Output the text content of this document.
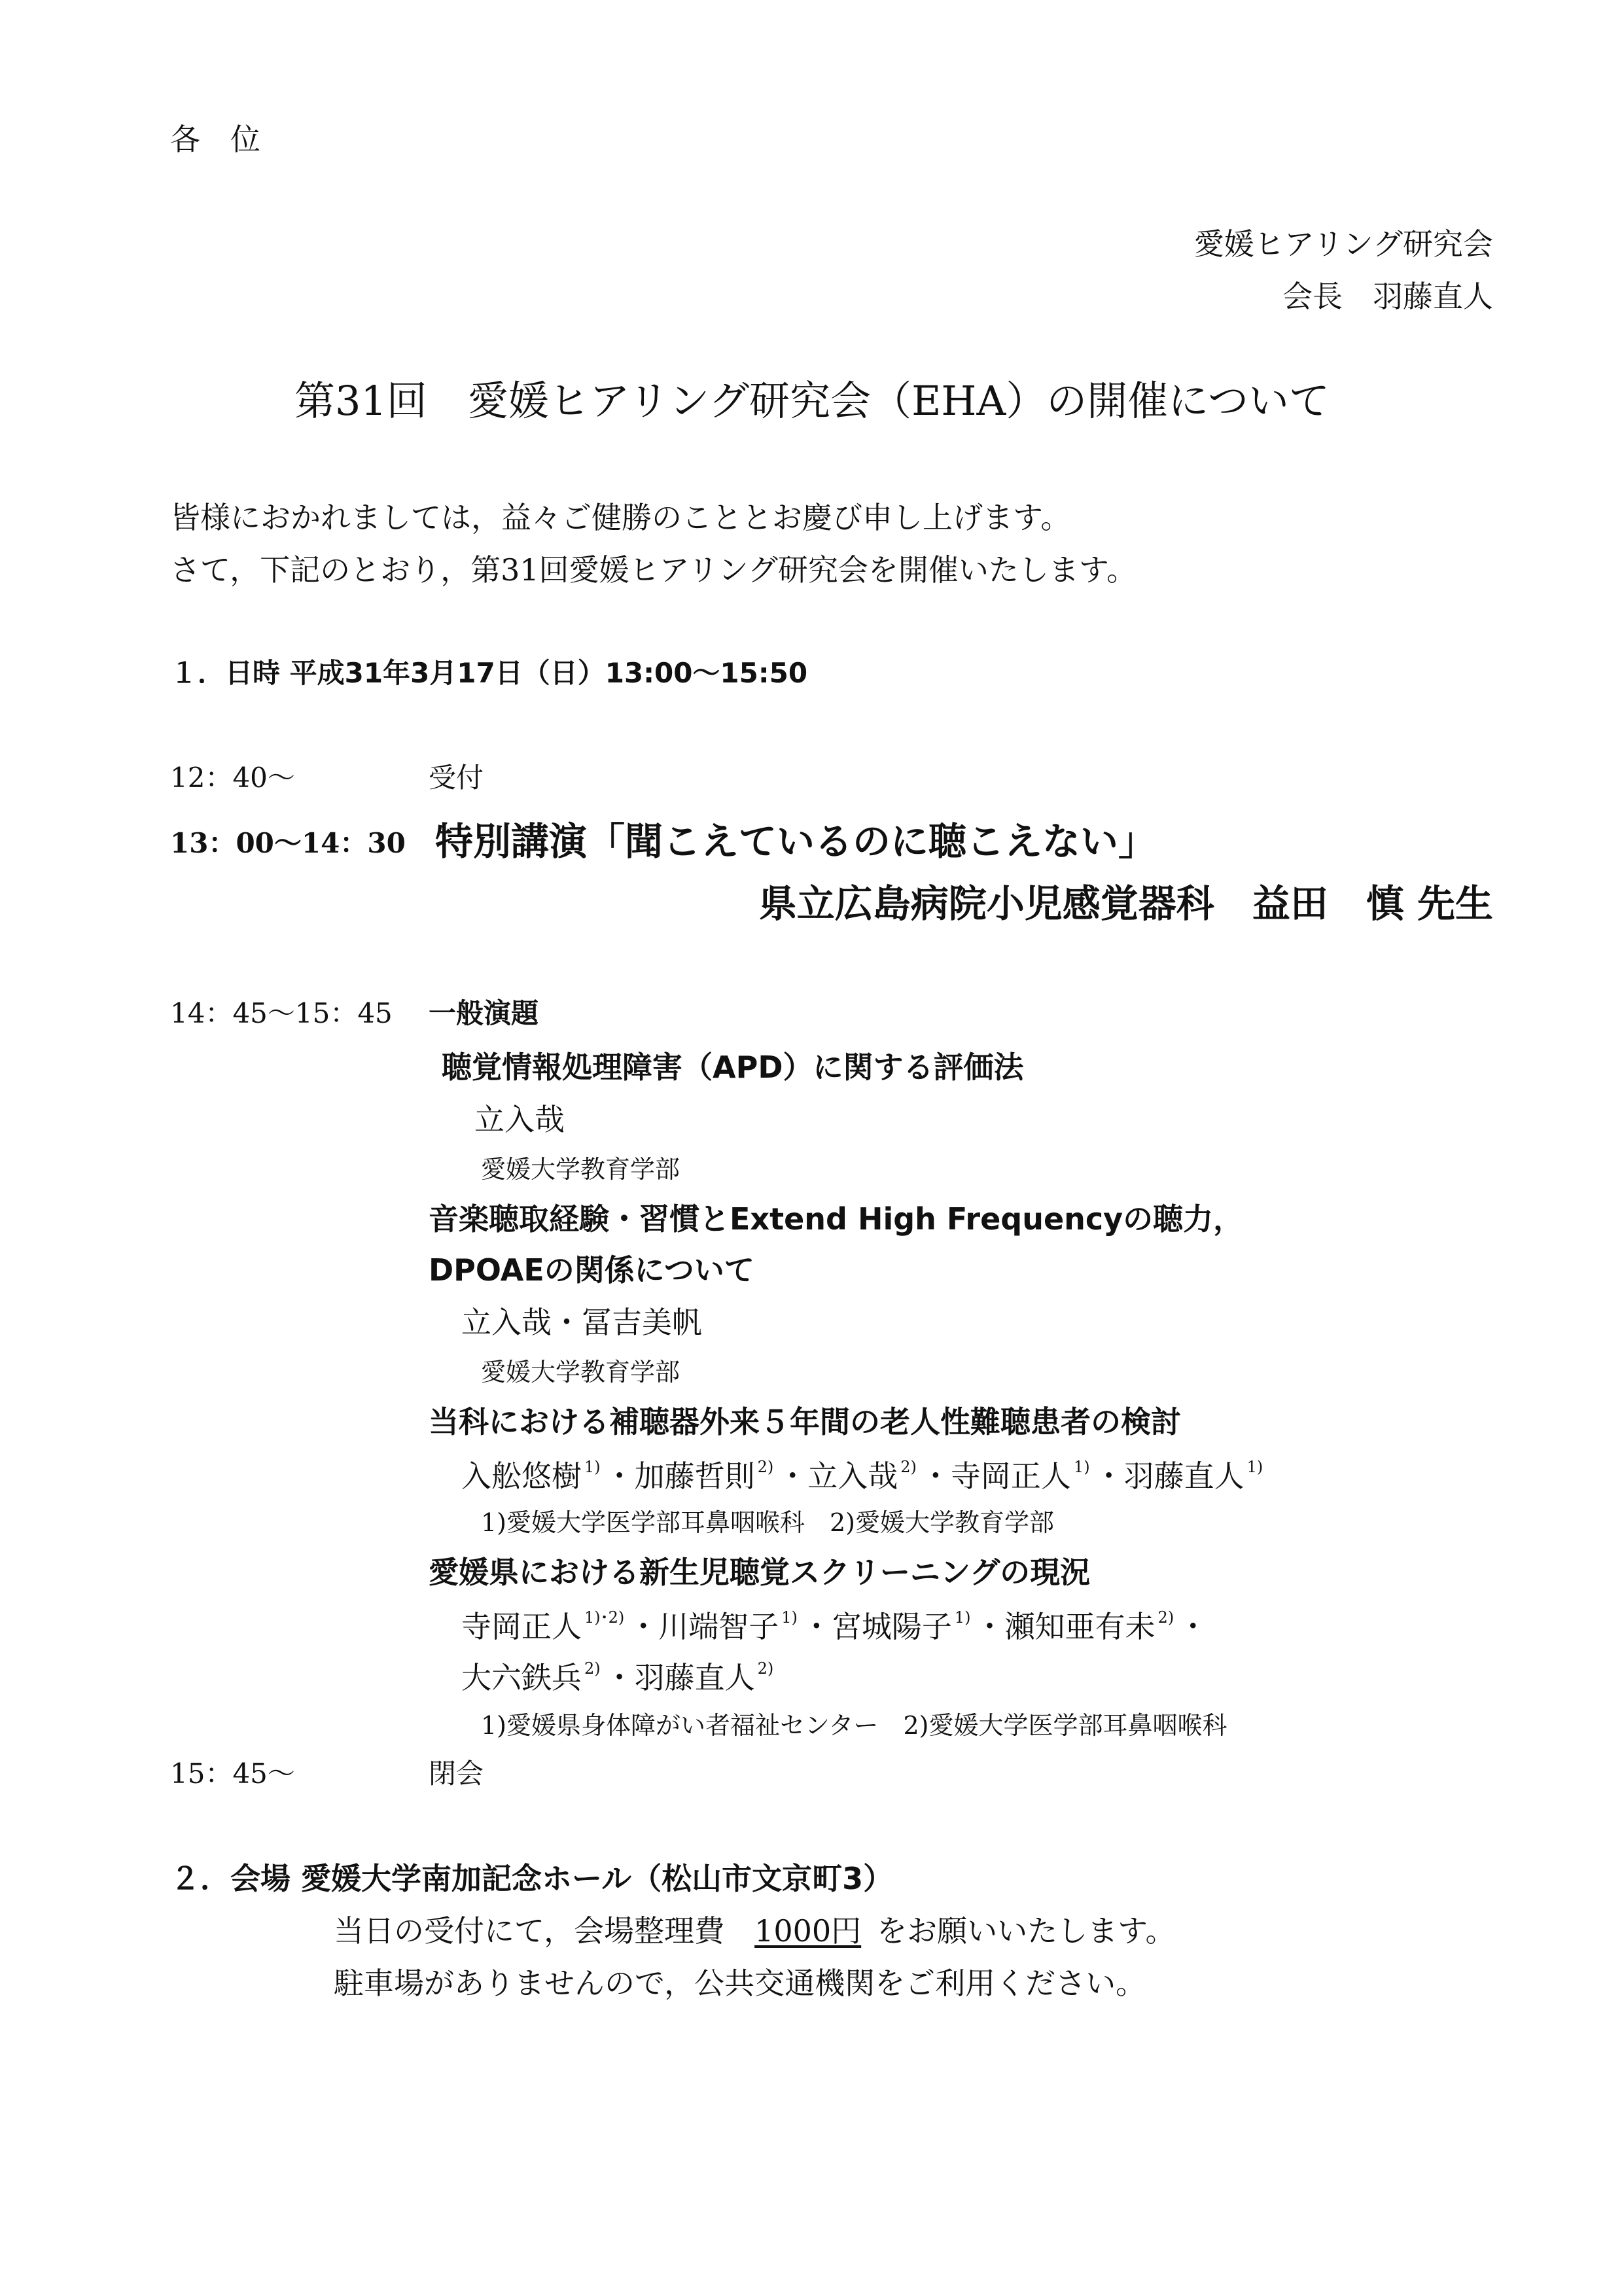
各　位
愛媛ヒアリング研究会
会長　羽藤直人
第31回　愛媛ヒアリング研究会（EHA）の開催について
皆様におかれましては，益々ご健勝のこととお慶び申し上げます。
さて，下記のとおり，第31回愛媛ヒアリング研究会を開催いたします。
１．日時 平成31年3月17日（日）13:00～15:50
12：40～	受付
13：00～14：30 特別講演「聞こえているのに聴こえない」
県立広島病院小児感覚器科　益田　慎 先生
14：45～15：45 一般演題
聴覚情報処理障害（APD）に関する評価法
立入哉
愛媛大学教育学部
音楽聴取経験・習慣とExtend High Frequencyの聴力，
DPOAEの関係について
立入哉・冨吉美帆
愛媛大学教育学部
当科における補聴器外来５年間の老人性難聴患者の検討
入舩悠樹 $^{1)}$ ・加藤哲則 $^{2)}$ ・立入哉 $^{2)}$ ・寺岡正人 $^{1)}$ ・羽藤直人 $^{1)}$
1)愛媛大学医学部耳鼻咽喉科　2)愛媛大学教育学部
愛媛県における新生児聴覚スクリーニングの現況
寺岡正人 $^{1)･2)}$ ・川端智子 $^{1)}$ ・宮城陽子 $^{1)}$ ・瀬知亜有未 $^{2)}$ ・
大六鉄兵 $^{2)}$ ・羽藤直人 $^{2)}$
1)愛媛県身体障がい者福祉センター　2)愛媛大学医学部耳鼻咽喉科
15：45～	閉会
２．会場 愛媛大学南加記念ホール（松山市文京町3）
当日の受付にて，会場整理費　1000円 をお願いいたします。
駐車場がありませんので，公共交通機関をご利用ください。
